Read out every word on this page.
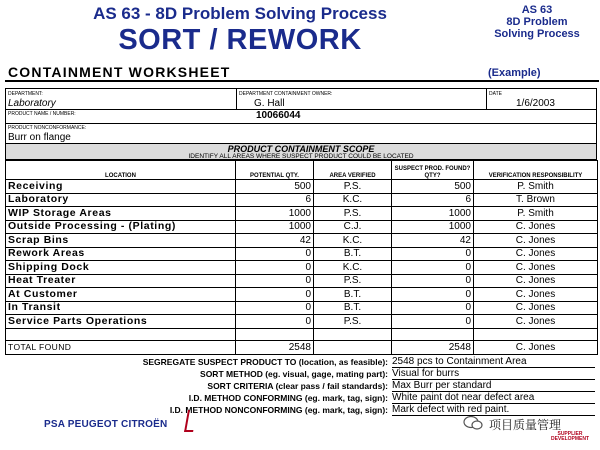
AS 63 - 8D Problem Solving Process
SORT / REWORK
AS 63
8D Problem
Solving Process
CONTAINMENT WORKSHEET	(Example)
DEPARTMENT:
Laboratory
DEPARTMENT CONTAINMENT OWNER:
G. Hall
DATE
1/6/2003
PRODUCT NAME / NUMBER:	10066044
PRODUCT NONCONFORMANCE:
Burr on flange
PRODUCT CONTAINMENT SCOPE
IDENTIFY ALL AREAS WHERE SUSPECT PRODUCT COULD BE LOCATED
LOCATION	POTENTIAL QTY.	AREA VERIFIED	SUSPECT PROD. FOUND? QTY?	VERIFICATION RESPONSIBILITY
Receiving	500	P.S.	500	P. Smith
Laboratory	6	K.C.	6	T. Brown
WIP Storage Areas	1000	P.S.	1000	P. Smith
Outside Processing - (Plating)	1000	C.J.	1000	C. Jones
Scrap Bins	42	K.C.	42	C. Jones
Rework Areas	0	B.T.	0	C. Jones
Shipping Dock	0	K.C.	0	C. Jones
Heat Treater	0	P.S.	0	C. Jones
At Customer	0	B.T.	0	C. Jones
In Transit	0	B.T.	0	C. Jones
Service Parts Operations	0	P.S.	0	C. Jones

TOTAL FOUND	2548		2548	C. Jones
SEGREGATE SUSPECT PRODUCT TO (location, as feasible): 2548 pcs to Containment Area
SORT METHOD (eg. visual, gage, mating part): Visual for burrs
SORT CRITERIA (clear pass / fail standards): Max Burr per standard
I.D. METHOD CONFORMING (eg. mark, tag, sign): White paint dot near defect area
I.D. METHOD NONCONFORMING (eg. mark, tag, sign): Mark defect with red paint.
PSA PEUGEOT CITROËN	项目质量管理
SUPPLIER
DEVELOPMENT
